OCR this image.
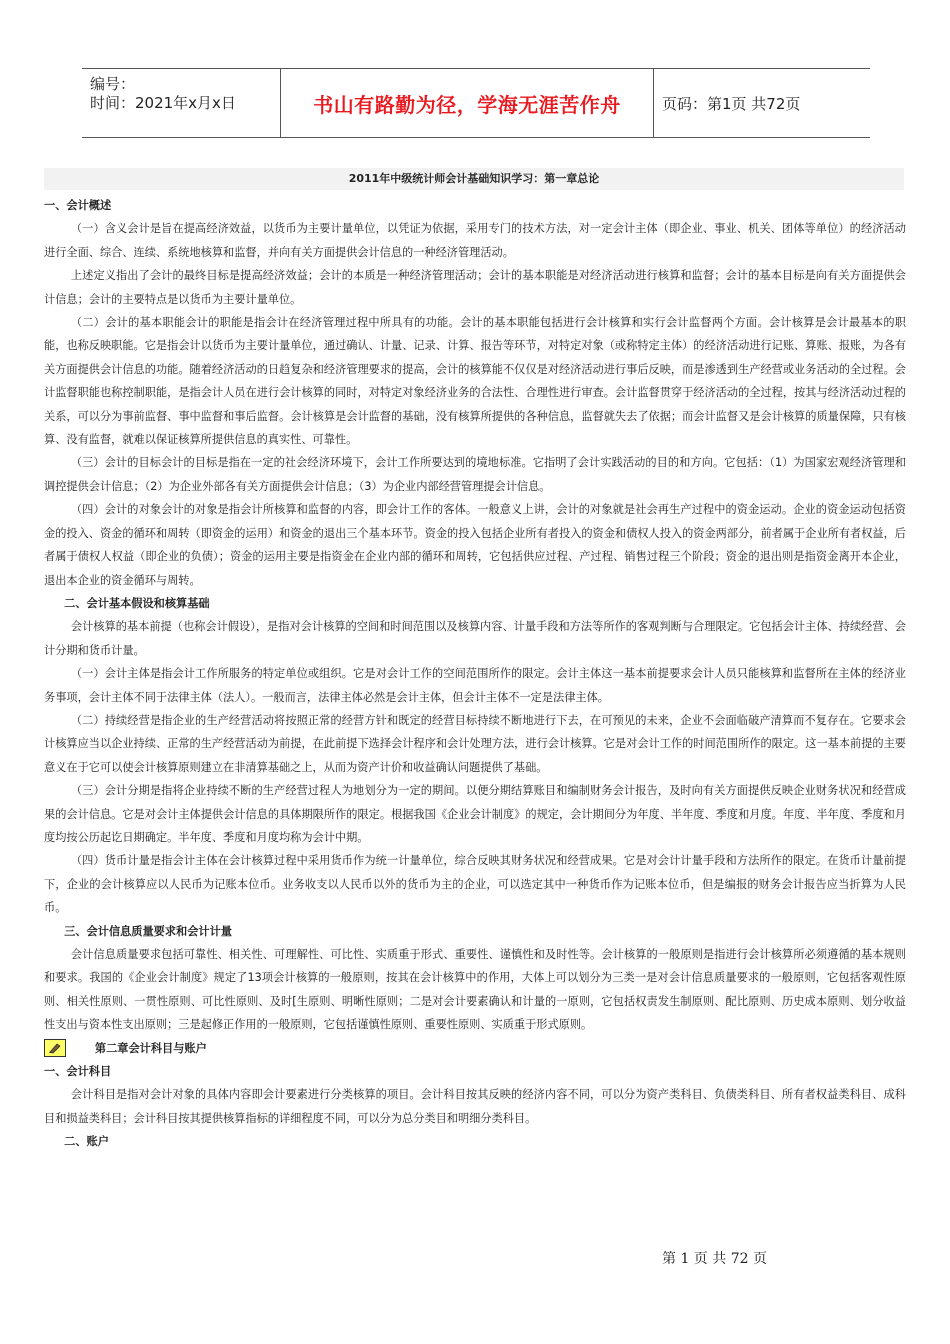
编号：
时间：2021年x月x日	书山有路勤为径，学海无涯苦作舟	页码：第1页 共72页
2011年中级统计师会计基础知识学习：第一章总论

一、会计概述

（一）含义会计是旨在提高经济效益，以货币为主要计量单位，以凭证为依据，采用专门的技术方法，对一定会计主体（即企业、事业、机关、团体等单位）的经济活动进行全面、综合、连续、系统地核算和监督，并向有关方面提供会计信息的一种经济管理活动。

上述定义指出了会计的最终目标是提高经济效益；会计的本质是一种经济管理活动；会计的基本职能是对经济活动进行核算和监督；会计的基本目标是向有关方面提供会计信息；会计的主要特点是以货币为主要计量单位。

（二）会计的基本职能会计的职能是指会计在经济管理过程中所具有的功能。会计的基本职能包括进行会计核算和实行会计监督两个方面。会计核算是会计最基本的职能，也称反映职能。它是指会计以货币为主要计量单位，通过确认、计量、记录、计算、报告等环节，对特定对象（或称特定主体）的经济活动进行记账、算账、报账，为各有关方面提供会计信息的功能。随着经济活动的日趋复杂和经济管理要求的提高，会计的核算能不仅仅是对经济活动进行事后反映，而是渗透到生产经营或业务活动的全过程。会计监督职能也称控制职能，是指会计人员在进行会计核算的同时，对特定对象经济业务的合法性、合理性进行审查。会计监督贯穿于经济活动的全过程，按其与经济活动过程的关系，可以分为事前监督、事中监督和事后监督。会计核算是会计监督的基础，没有核算所提供的各种信息，监督就失去了依据；而会计监督又是会计核算的质量保障，只有核算、没有监督，就难以保证核算所提供信息的真实性、可靠性。

（三）会计的目标会计的目标是指在一定的社会经济环境下，会计工作所要达到的境地标准。它指明了会计实践活动的目的和方向。它包括：（1）为国家宏观经济管理和调控提供会计信息；（2）为企业外部各有关方面提供会计信息；（3）为企业内部经营管理提会计信息。

（四）会计的对象会计的对象是指会计所核算和监督的内容，即会计工作的客体。一般意义上讲，会计的对象就是社会再生产过程中的资金运动。企业的资金运动包括资金的投入、资金的循环和周转（即资金的运用）和资金的退出三个基本环节。资金的投入包括企业所有者投入的资金和债权人投入的资金两部分，前者属于企业所有者权益，后者属于债权人权益（即企业的负债）；资金的运用主要是指资金在企业内部的循环和周转，它包括供应过程、产过程、销售过程三个阶段；资金的退出则是指资金离开本企业，退出本企业的资金循环与周转。

二、会计基本假设和核算基础

会计核算的基本前提（也称会计假设），是指对会计核算的空间和时间范围以及核算内容、计量手段和方法等所作的客观判断与合理限定。它包括会计主体、持续经营、会计分期和货币计量。

（一）会计主体是指会计工作所服务的特定单位或组织。它是对会计工作的空间范围所作的限定。会计主体这一基本前提要求会计人员只能核算和监督所在主体的经济业务事项，会计主体不同于法律主体（法人）。一般而言，法律主体必然是会计主体，但会计主体不一定是法律主体。

（二）持续经营是指企业的生产经营活动将按照正常的经营方针和既定的经营目标持续不断地进行下去，在可预见的未来，企业不会面临破产清算而不复存在。它要求会计核算应当以企业持续、正常的生产经营活动为前提，在此前提下选择会计程序和会计处理方法，进行会计核算。它是对会计工作的时间范围所作的限定。这一基本前提的主要意义在于它可以使会计核算原则建立在非清算基础之上，从而为资产计价和收益确认问题提供了基础。

（三）会计分期是指将企业持续不断的生产经营过程人为地划分为一定的期间。以便分期结算账目和编制财务会计报告，及时向有关方面提供反映企业财务状况和经营成果的会计信息。它是对会计主体提供会计信息的具体期限所作的限定。根据我国《企业会计制度》的规定，会计期间分为年度、半年度、季度和月度。年度、半年度、季度和月度均按公历起讫日期确定。半年度、季度和月度均称为会计中期。

（四）货币计量是指会计主体在会计核算过程中采用货币作为统一计量单位，综合反映其财务状况和经营成果。它是对会计计量手段和方法所作的限定。在货币计量前提下，企业的会计核算应以人民币为记账本位币。业务收支以人民币以外的货币为主的企业，可以选定其中一种货币作为记账本位币，但是编报的财务会计报告应当折算为人民币。

三、会计信息质量要求和会计计量

会计信息质量要求包括可靠性、相关性、可理解性、可比性、实质重于形式、重要性、谨慎性和及时性等。会计核算的一般原则是指进行会计核算所必须遵循的基本规则和要求。我国的《企业会计制度》规定了13项会计核算的一般原则，按其在会计核算中的作用，大体上可以划分为三类一是对会计信息质量要求的一般原则，它包括客观性原则、相关性原则、一贯性原则、可比性原则、及时[生原则、明晰性原则；二是对会计要素确认和计量的一原则，它包括权责发生制原则、配比原则、历史成本原则、划分收益性支出与资本性支出原则；三是起修正作用的一般原则，它包括谨慎性原则、重要性原则、实质重于形式原则。

第二章会计科目与账户

一、会计科目

会计科目是指对会计对象的具体内容即会计要素进行分类核算的项目。会计科目按其反映的经济内容不同，可以分为资产类科目、负债类科目、所有者权益类科目、成科目和损益类科目；会计科目按其提供核算指标的详细程度不同，可以分为总分类目和明细分类科目。

二、账户

第 1 页 共 72 页
